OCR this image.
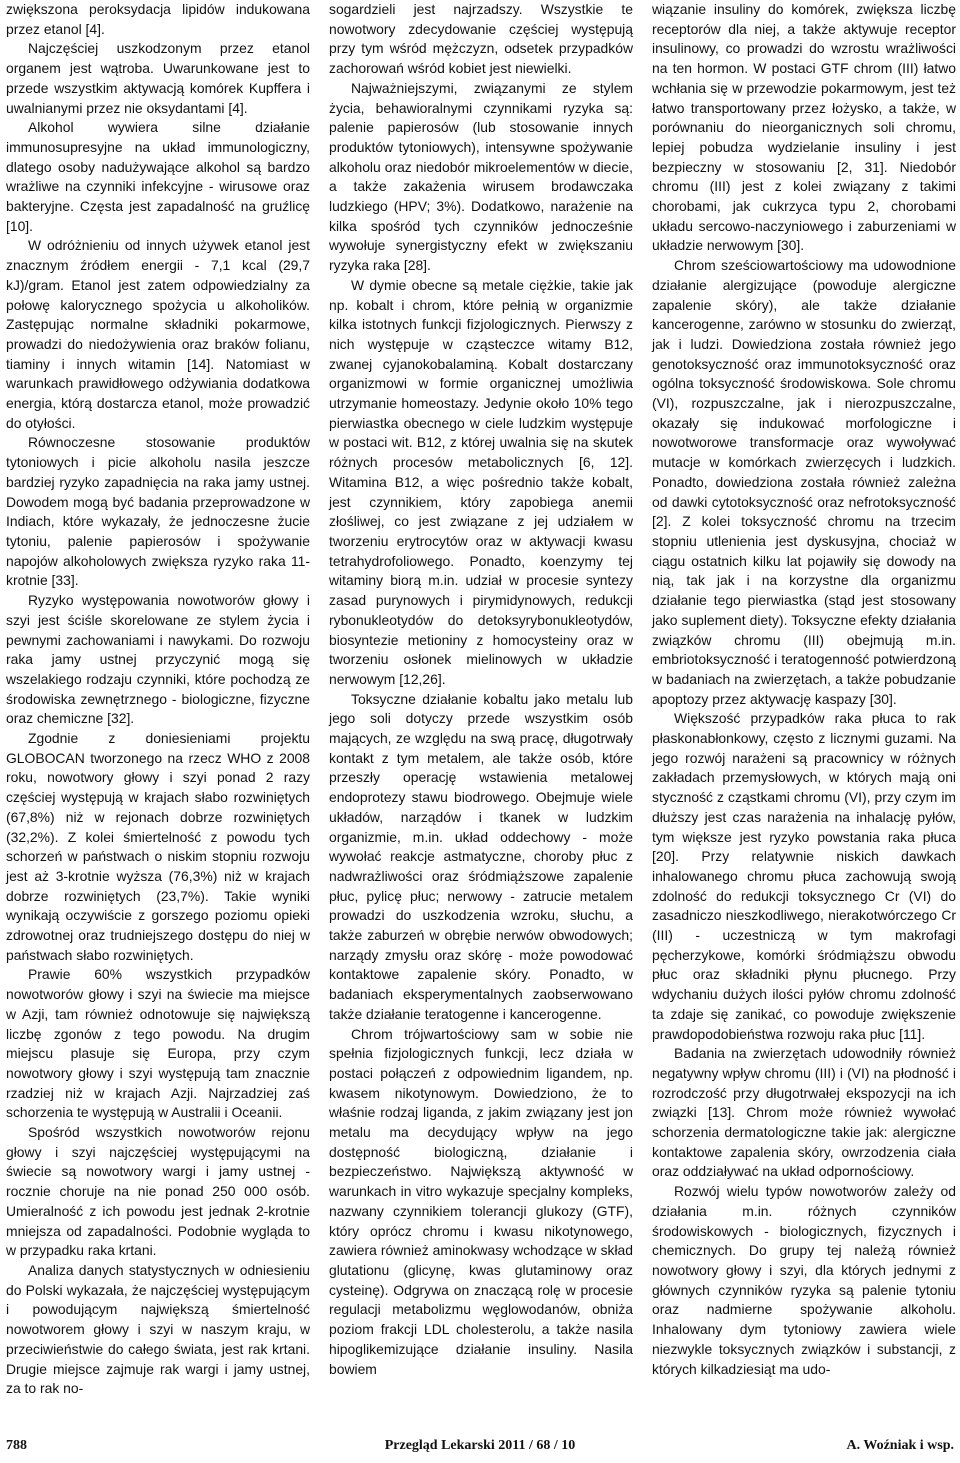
zwiększona peroksydacja lipidów indukowana przez etanol [4].

Najczęściej uszkodzonym przez etanol organem jest wątroba. Uwarunkowane jest to przede wszystkim aktywacją komórek Kupffera i uwalnianymi przez nie oksydantami [4].

Alkohol wywiera silne działanie immunosupresyjne na układ immunologiczny, dlatego osoby nadużywające alkohol są bardzo wrażliwe na czynniki infekcyjne - wirusowe oraz bakteryjne. Częsta jest zapadalność na gruźlicę [10].

W odróżnieniu od innych używek etanol jest znacznym źródłem energii - 7,1 kcal (29,7 kJ)/gram. Etanol jest zatem odpowiedzialny za połowę kalorycznego spożycia u alkoholików. Zastępując normalne składniki pokarmowe, prowadzi do niedożywienia oraz braków folianu, tiaminy i innych witamin [14]. Natomiast w warunkach prawidłowego odżywiania dodatkowa energia, którą dostarcza etanol, może prowadzić do otyłości.

Równoczesne stosowanie produktów tytoniowych i picie alkoholu nasila jeszcze bardziej ryzyko zapadnięcia na raka jamy ustnej. Dowodem mogą być badania przeprowadzone w Indiach, które wykazały, że jednoczesne żucie tytoniu, palenie papierosów i spożywanie napojów alkoholowych zwiększa ryzyko raka 11-krotnie [33].

Ryzyko występowania nowotworów głowy i szyi jest ściśle skorelowane ze stylem życia i pewnymi zachowaniami i nawykami. Do rozwoju raka jamy ustnej przyczynić mogą się wszelakiego rodzaju czynniki, które pochodzą ze środowiska zewnętrznego - biologiczne, fizyczne oraz chemiczne [32].

Zgodnie z doniesieniami projektu GLOBOCAN tworzonego na rzecz WHO z 2008 roku, nowotwory głowy i szyi ponad 2 razy częściej występują w krajach słabo rozwiniętych (67,8%) niż w rejonach dobrze rozwiniętych (32,2%). Z kolei śmiertelność z powodu tych schorzeń w państwach o niskim stopniu rozwoju jest aż 3-krotnie wyższa (76,3%) niż w krajach dobrze rozwiniętych (23,7%). Takie wyniki wynikają oczywiście z gorszego poziomu opieki zdrowotnej oraz trudniejszego dostępu do niej w państwach słabo rozwiniętych.

Prawie 60% wszystkich przypadków nowotworów głowy i szyi na świecie ma miejsce w Azji, tam również odnotowuje się największą liczbę zgonów z tego powodu. Na drugim miejscu plasuje się Europa, przy czym nowotwory głowy i szyi występują tam znacznie rzadziej niż w krajach Azji. Najrzadziej zaś schorzenia te występują w Australii i Oceanii.

Spośród wszystkich nowotworów rejonu głowy i szyi najczęściej występującymi na świecie są nowotwory wargi i jamy ustnej - rocznie choruje na nie ponad 250 000 osób. Umieralność z ich powodu jest jednak 2-krotnie mniejsza od zapadalności. Podobnie wygląda to w przypadku raka krtani.

Analiza danych statystycznych w odniesieniu do Polski wykazała, że najczęściej występującym i powodującym największą śmiertelność nowotworem głowy i szyi w naszym kraju, w przeciwieństwie do całego świata, jest rak krtani. Drugie miejsce zajmuje rak wargi i jamy ustnej, za to rak no-

sogardzieli jest najrzadszy. Wszystkie te nowotwory zdecydowanie częściej występują przy tym wśród mężczyzn, odsetek przypadków zachorowań wśród kobiet jest niewielki.

Najważniejszymi, związanymi ze stylem życia, behawioralnymi czynnikami ryzyka są: palenie papierosów (lub stosowanie innych produktów tytoniowych), intensywne spożywanie alkoholu oraz niedobór mikroelementów w diecie, a także zakażenia wirusem brodawczaka ludzkiego (HPV; 3%). Dodatkowo, narażenie na kilka spośród tych czynników jednocześnie wywołuje synergistyczny efekt w zwiększaniu ryzyka raka [28].

W dymie obecne są metale ciężkie, takie jak np. kobalt i chrom, które pełnią w organizmie kilka istotnych funkcji fizjologicznych. Pierwszy z nich występuje w cząsteczce witamy B12, zwanej cyjanokobalaminą. Kobalt dostarczany organizmowi w formie organicznej umożliwia utrzymanie homeostazy. Jedynie około 10% tego pierwiastka obecnego w ciele ludzkim występuje w postaci wit. B12, z której uwalnia się na skutek różnych procesów metabolicznych [6, 12]. Witamina B12, a więc pośrednio także kobalt, jest czynnikiem, który zapobiega anemii złośliwej, co jest związane z jej udziałem w tworzeniu erytrocytów oraz w aktywacji kwasu tetrahydrofoliowego. Ponadto, koenzymy tej witaminy biorą m.in. udział w procesie syntezy zasad purynowych i pirymidynowych, redukcji rybonukleotydów do detoksyrybonukleotydów, biosyntezie metioniny z homocysteiny oraz w tworzeniu osłonek mielinowych w układzie nerwowym [12,26].

Toksyczne działanie kobaltu jako metalu lub jego soli dotyczy przede wszystkim osób mających, ze względu na swą pracę, długotrwały kontakt z tym metalem, ale także osób, które przeszły operację wstawienia metalowej endoprotezy stawu biodrowego. Obejmuje wiele układów, narządów i tkanek w ludzkim organizmie, m.in. układ oddechowy - może wywołać reakcje astmatyczne, choroby płuc z nadwrażliwości oraz śródmiąższowe zapalenie płuc, pylicę płuc; nerwowy - zatrucie metalem prowadzi do uszkodzenia wzroku, słuchu, a także zaburzeń w obrębie nerwów obwodowych; narządy zmysłu oraz skórę - może powodować kontaktowe zapalenie skóry. Ponadto, w badaniach eksperymentalnych zaobserwowano także działanie teratogenne i kancerogenne.

Chrom trójwartościowy sam w sobie nie spełnia fizjologicznych funkcji, lecz działa w postaci połączeń z odpowiednim ligandem, np. kwasem nikotynowym. Dowiedziono, że to właśnie rodzaj liganda, z jakim związany jest jon metalu ma decydujący wpływ na jego dostępność biologiczną, działanie i bezpieczeństwo. Największą aktywność w warunkach in vitro wykazuje specjalny kompleks, nazwany czynnikiem tolerancji glukozy (GTF), który oprócz chromu i kwasu nikotynowego, zawiera również aminokwasy wchodzące w skład glutationu (glicynę, kwas glutaminowy oraz cysteinę). Odgrywa on znaczącą rolę w procesie regulacji metabolizmu węglowodanów, obniża poziom frakcji LDL cholesterolu, a także nasila hipoglikemizujące działanie insuliny. Nasila bowiem

wiązanie insuliny do komórek, zwiększa liczbę receptorów dla niej, a także aktywuje receptor insulinowy, co prowadzi do wzrostu wrażliwości na ten hormon. W postaci GTF chrom (III) łatwo wchłania się w przewodzie pokarmowym, jest też łatwo transportowany przez łożysko, a także, w porównaniu do nieorganicznych soli chromu, lepiej pobudza wydzielanie insuliny i jest bezpieczny w stosowaniu [2, 31]. Niedobór chromu (III) jest z kolei związany z takimi chorobami, jak cukrzyca typu 2, chorobami układu sercowo-naczyniowego i zaburzeniami w układzie nerwowym [30].

Chrom sześciowartościowy ma udowodnione działanie alergizujące (powoduje alergiczne zapalenie skóry), ale także działanie kancerogenne, zarówno w stosunku do zwierząt, jak i ludzi. Dowiedziona została również jego genotoksyczność oraz immunotoksyczność oraz ogólna toksyczność środowiskowa. Sole chromu (VI), rozpuszczalne, jak i nierozpuszczalne, okazały się indukować morfologiczne i nowotworowe transformacje oraz wywoływać mutacje w komórkach zwierzęcych i ludzkich. Ponadto, dowiedziona została również zależna od dawki cytotoksyczność oraz nefrotoksyczność [2]. Z kolei toksyczność chromu na trzecim stopniu utlenienia jest dyskusyjna, chociaż w ciągu ostatnich kilku lat pojawiły się dowody na nią, tak jak i na korzystne dla organizmu działanie tego pierwiastka (stąd jest stosowany jako suplement diety). Toksyczne efekty działania związków chromu (III) obejmują m.in. embriotoksyczność i teratogenność potwierdzoną w badaniach na zwierzętach, a także pobudzanie apoptozy przez aktywację kaspazy [30].

Większość przypadków raka płuca to rak płaskonabłonkowy, często z licznymi guzami. Na jego rozwój narażeni są pracownicy w różnych zakładach przemysłowych, w których mają oni styczność z cząstkami chromu (VI), przy czym im dłuższy jest czas narażenia na inhalację pyłów, tym większe jest ryzyko powstania raka płuca [20]. Przy relatywnie niskich dawkach inhalowanego chromu płuca zachowują swoją zdolność do redukcji toksycznego Cr (VI) do zasadniczo nieszkodliwego, nierakotwórczego Cr (III) - uczestniczą w tym makrofagi pęcherzykowe, komórki śródmiąższu obwodu płuc oraz składniki płynu płucnego. Przy wdychaniu dużych ilości pyłów chromu zdolność ta zdaje się zanikać, co powoduje zwiększenie prawdopodobieństwa rozwoju raka płuc [11].

Badania na zwierzętach udowodniły również negatywny wpływ chromu (III) i (VI) na płodność i rozrodczość przy długotrwałej ekspozycji na ich związki [13]. Chrom może również wywołać schorzenia dermatologiczne takie jak: alergiczne kontaktowe zapalenia skóry, owrzodzenia ciała oraz oddziaływać na układ odpornościowy.

Rozwój wielu typów nowotworów zależy od działania m.in. różnych czynników środowiskowych - biologicznych, fizycznych i chemicznych. Do grupy tej należą również nowotwory głowy i szyi, dla których jednymi z głównych czynników ryzyka są palenie tytoniu oraz nadmierne spożywanie alkoholu. Inhalowany dym tytoniowy zawiera wiele niezwykle toksycznych związków i substancji, z których kilkadziesiąt ma udo-

788	Przegląd Lekarski 2011 / 68 / 10	A. Woźniak i wsp.
